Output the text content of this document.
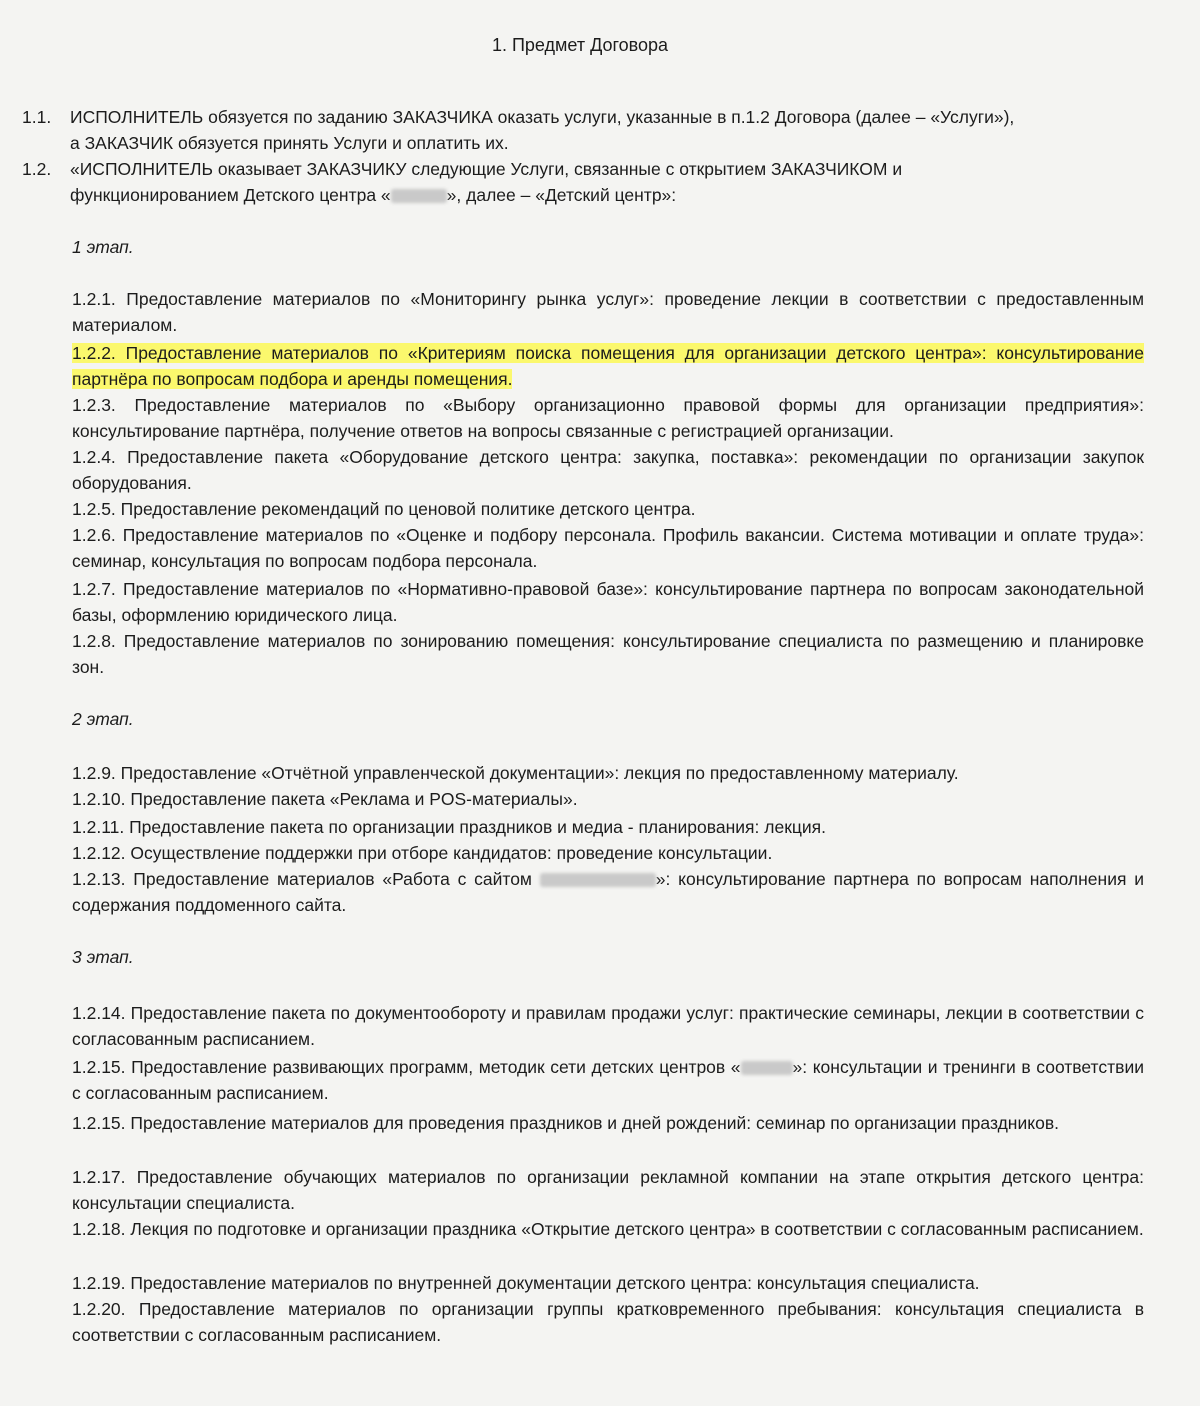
1. Предмет Договора
1.1. ИСПОЛНИТЕЛЬ обязуется по заданию ЗАКАЗЧИКА оказать услуги, указанные в п.1.2 Договора (далее – «Услуги»),
а ЗАКАЗЧИК обязуется принять Услуги и оплатить их.
1.2. «ИСПОЛНИТЕЛЬ оказывает ЗАКАЗЧИКУ следующие Услуги, связанные с открытием ЗАКАЗЧИКОМ и
функционированием Детского центра «	», далее – «Детский центр»:
1 этап.
1.2.1. Предоставление материалов по «Мониторингу рынка услуг»: проведение лекции в соответствии с предоставленным материалом.
1.2.2. Предоставление материалов по «Критериям поиска помещения для организации детского центра»: консультирование партнёра по вопросам подбора и аренды помещения.
1.2.3. Предоставление материалов по «Выбору организационно правовой формы для организации предприятия»: консультирование партнёра, получение ответов на вопросы связанные с регистрацией организации.
1.2.4. Предоставление пакета «Оборудование детского центра: закупка, поставка»: рекомендации по организации закупок оборудования.
1.2.5. Предоставление рекомендаций по ценовой политике детского центра.
1.2.6. Предоставление материалов по «Оценке и подбору персонала. Профиль вакансии. Система мотивации и оплате труда»: семинар, консультация по вопросам подбора персонала.
1.2.7. Предоставление материалов по «Нормативно-правовой базе»: консультирование партнера по вопросам законодательной базы, оформлению юридического лица.
1.2.8. Предоставление материалов по зонированию помещения: консультирование специалиста по размещению и планировке зон.
2 этап.
1.2.9. Предоставление «Отчётной управленческой документации»: лекция по предоставленному материалу.
1.2.10. Предоставление пакета «Реклама и POS-материалы».
1.2.11. Предоставление пакета по организации праздников и медиа - планирования: лекция.
1.2.12. Осуществление поддержки при отборе кандидатов: проведение консультации.
1.2.13. Предоставление материалов «Работа с сайтом	»: консультирование партнера по вопросам наполнения и содержания поддоменного сайта.
3 этап.
1.2.14. Предоставление пакета по документообороту и правилам продажи услуг: практические семинары, лекции в соответствии с согласованным расписанием.
1.2.15. Предоставление развивающих программ, методик сети детских центров «	»: консультации и тренинги в соответствии с согласованным расписанием.
1.2.15. Предоставление материалов для проведения праздников и дней рождений: семинар по организации праздников.
1.2.17. Предоставление обучающих материалов по организации рекламной компании на этапе открытия детского центра: консультации специалиста.
1.2.18. Лекция по подготовке и организации праздника «Открытие детского центра» в соответствии с согласованным расписанием.
1.2.19. Предоставление материалов по внутренней документации детского центра: консультация специалиста.
1.2.20. Предоставление материалов по организации группы кратковременного пребывания: консультация специалиста в соответствии с согласованным расписанием.
